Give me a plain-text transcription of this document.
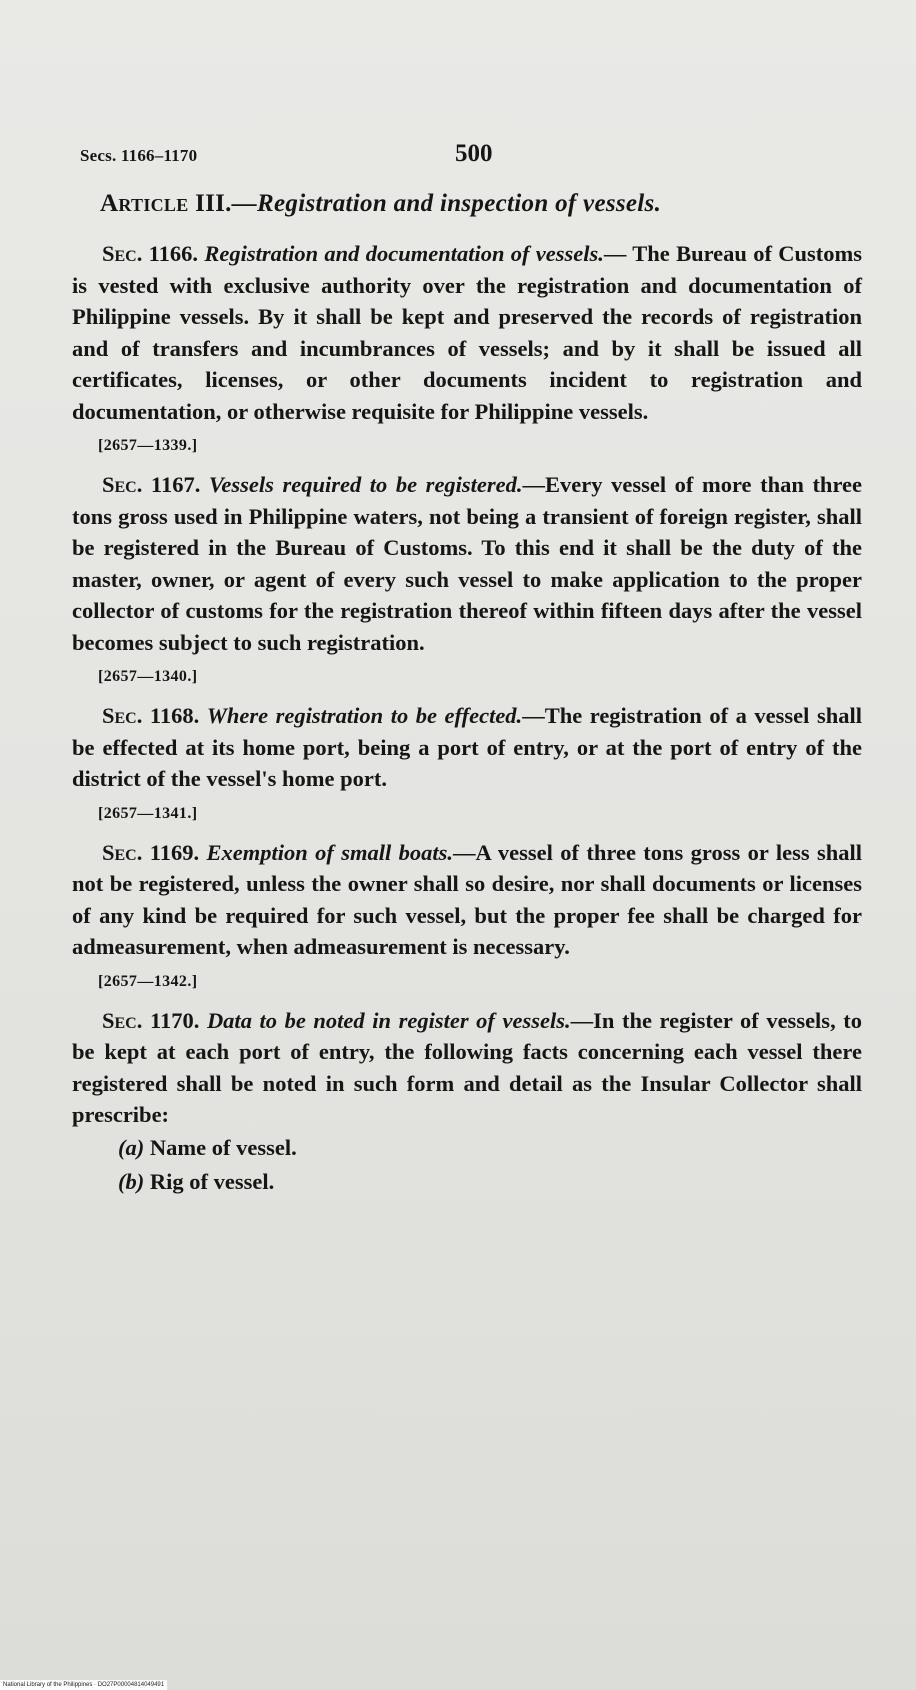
Secs. 1166–1170	500
Article III.—Registration and inspection of vessels.

Sec. 1166. Registration and documentation of vessels.— The Bureau of Customs is vested with exclusive authority over the registration and documentation of Philippine vessels. By it shall be kept and preserved the records of registration and of transfers and incumbrances of vessels; and by it shall be issued all certificates, licenses, or other documents incident to registration and documentation, or otherwise requisite for Philippine vessels.

[2657—1339.]

Sec. 1167. Vessels required to be registered.—Every vessel of more than three tons gross used in Philippine waters, not being a transient of foreign register, shall be registered in the Bureau of Customs. To this end it shall be the duty of the master, owner, or agent of every such vessel to make application to the proper collector of customs for the registration thereof within fifteen days after the vessel becomes subject to such registration.

[2657—1340.]

Sec. 1168. Where registration to be effected.—The registration of a vessel shall be effected at its home port, being a port of entry, or at the port of entry of the district of the vessel's home port.

[2657—1341.]

Sec. 1169. Exemption of small boats.—A vessel of three tons gross or less shall not be registered, unless the owner shall so desire, nor shall documents or licenses of any kind be required for such vessel, but the proper fee shall be charged for admeasurement, when admeasurement is necessary.

[2657—1342.]

Sec. 1170. Data to be noted in register of vessels.—In the register of vessels, to be kept at each port of entry, the following facts concerning each vessel there registered shall be noted in such form and detail as the Insular Collector shall prescribe:

(a) Name of vessel.

(b) Rig of vessel.

National Library of the Philippines · DO27P00004814049491
